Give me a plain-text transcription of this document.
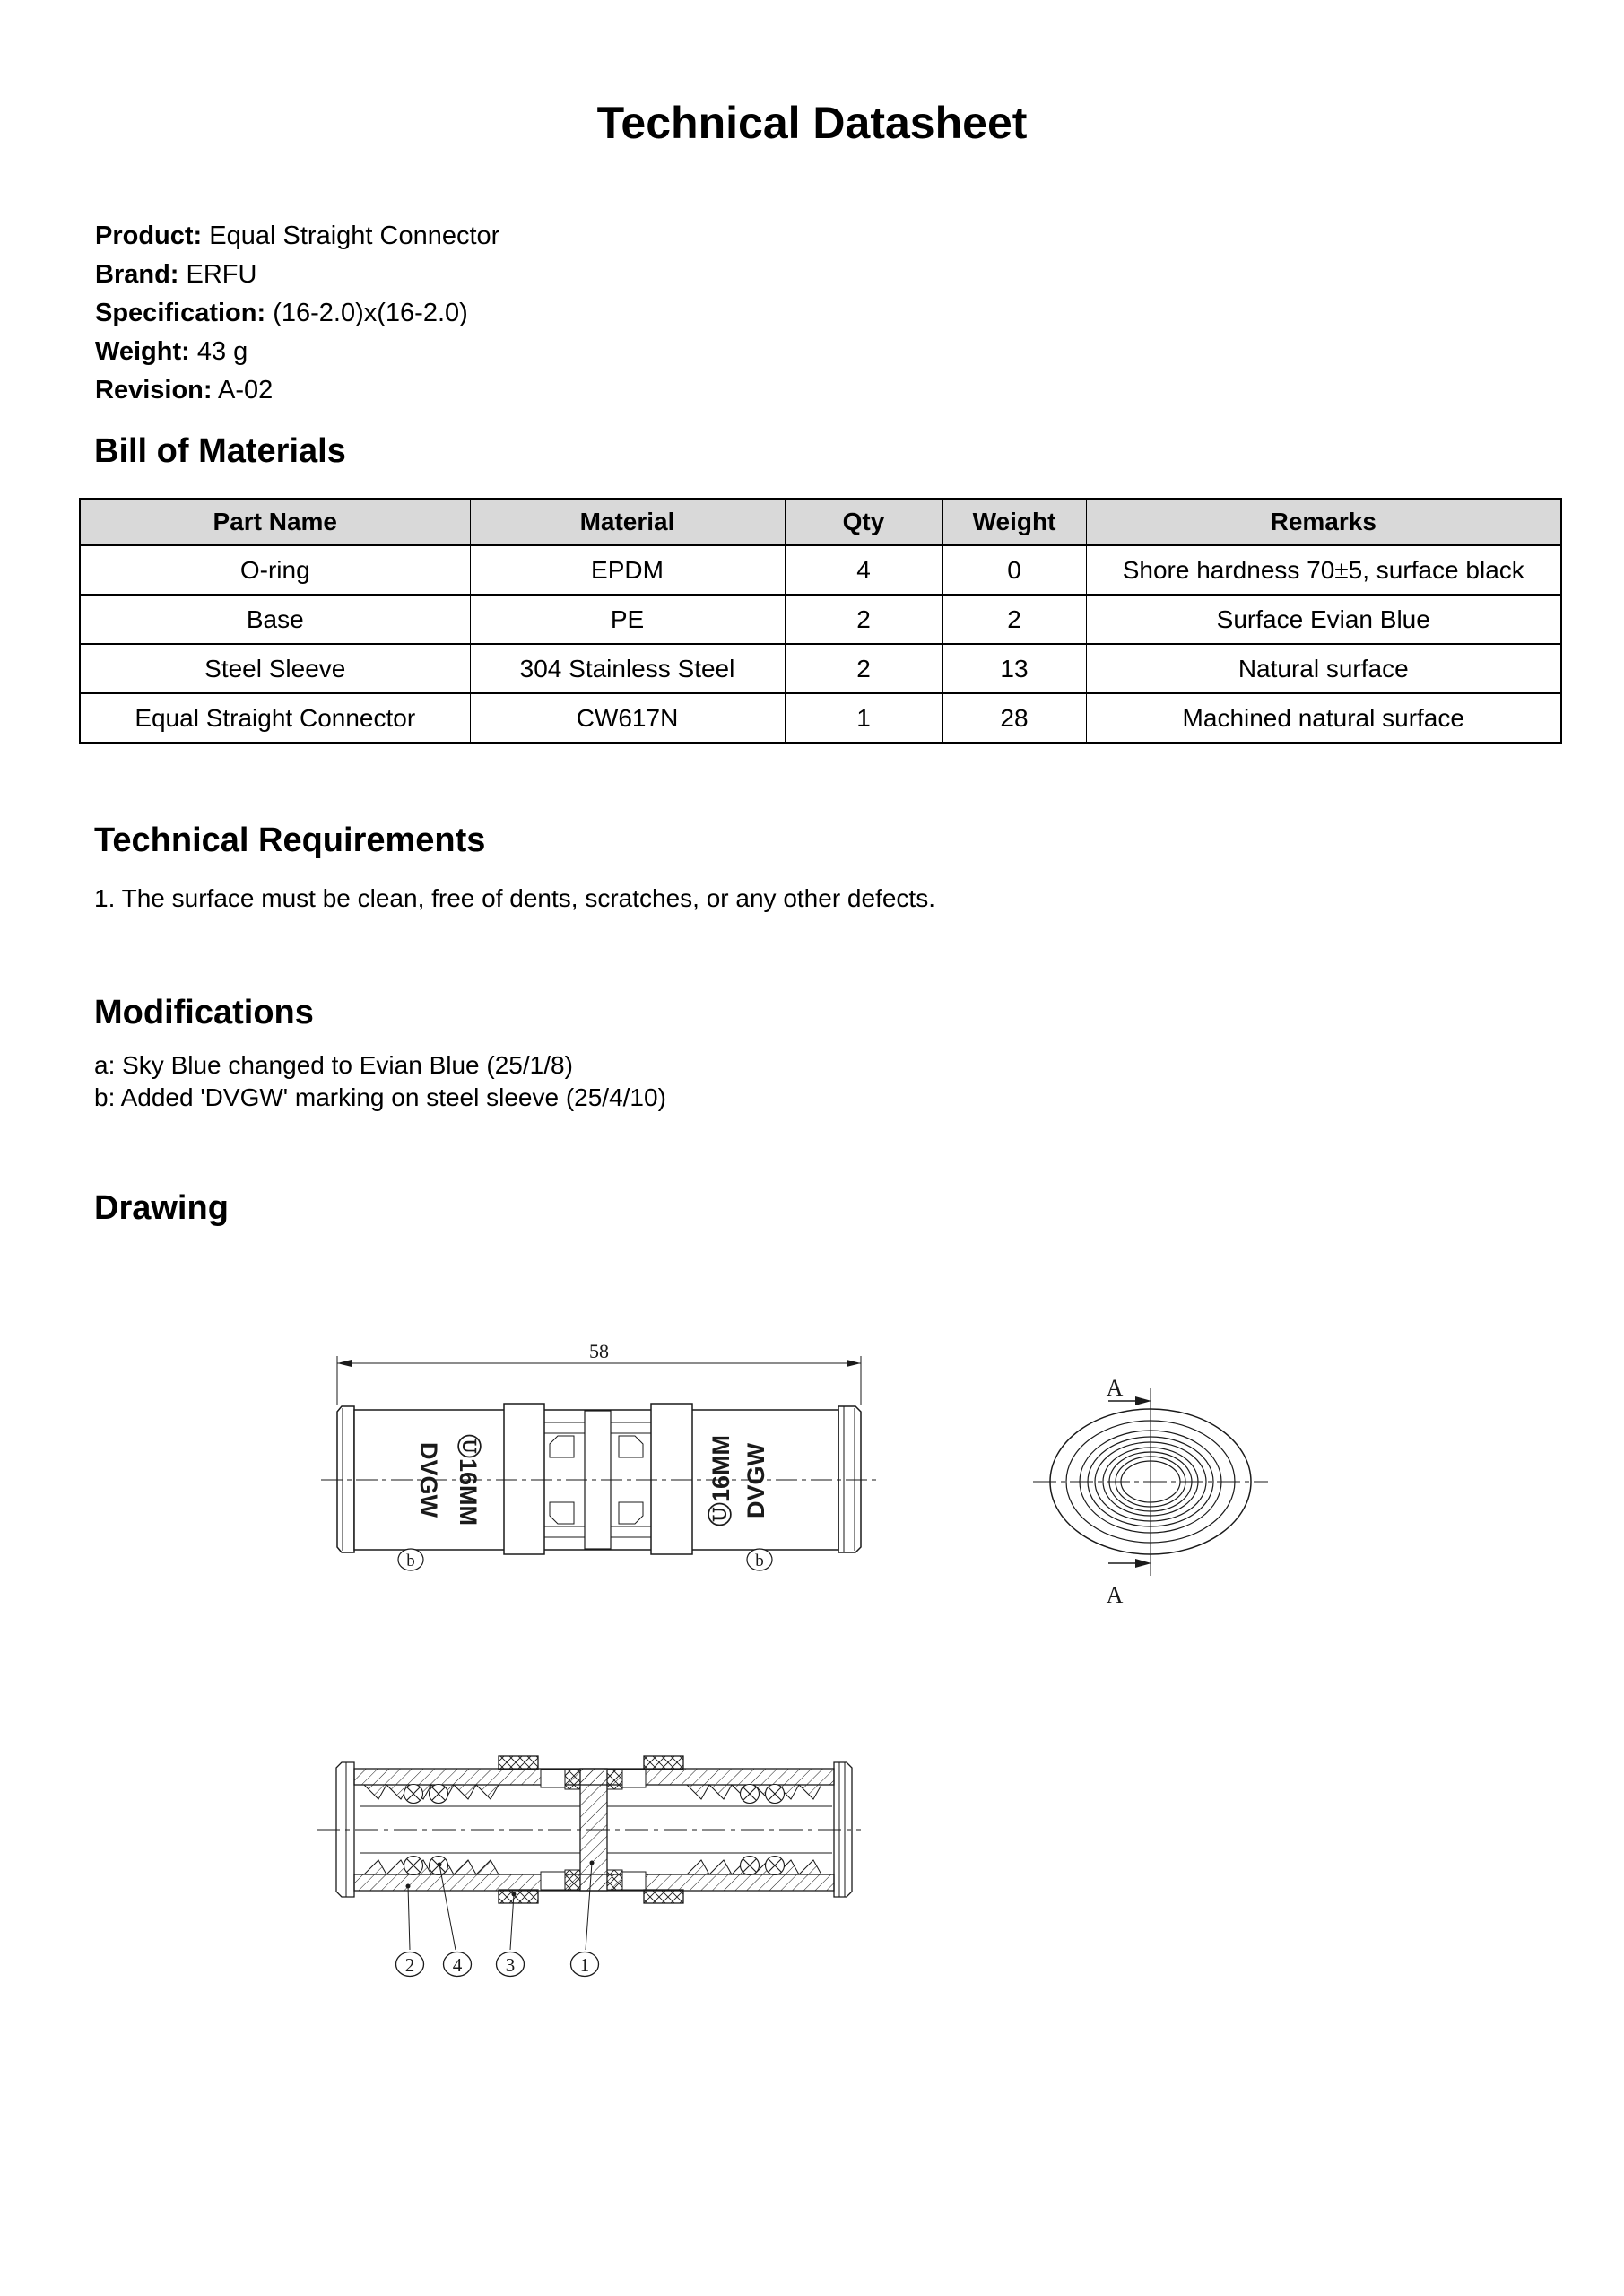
Technical Datasheet
Product: Equal Straight Connector
Brand: ERFU
Specification: (16-2.0)x(16-2.0)
Weight: 43 g
Revision: A-02
Bill of Materials
Part Name	Material	Qty	Weight	Remarks
O-ring	EPDM	4	0	Shore hardness 70±5, surface black
Base	PE	2	2	Surface Evian Blue
Steel Sleeve	304 Stainless Steel	2	13	Natural surface
Equal Straight Connector	CW617N	1	28	Machined natural surface
Technical Requirements
1. The surface must be clean, free of dents, scratches, or any other defects.
Modifications
a: Sky Blue changed to Evian Blue (25/1/8)
b: Added 'DVGW' marking on steel sleeve (25/4/10)
Drawing
58
Ⓤ16MM
DVGW	Ⓤ16MM DVGW
b	b
A
A
2 4 3	1
